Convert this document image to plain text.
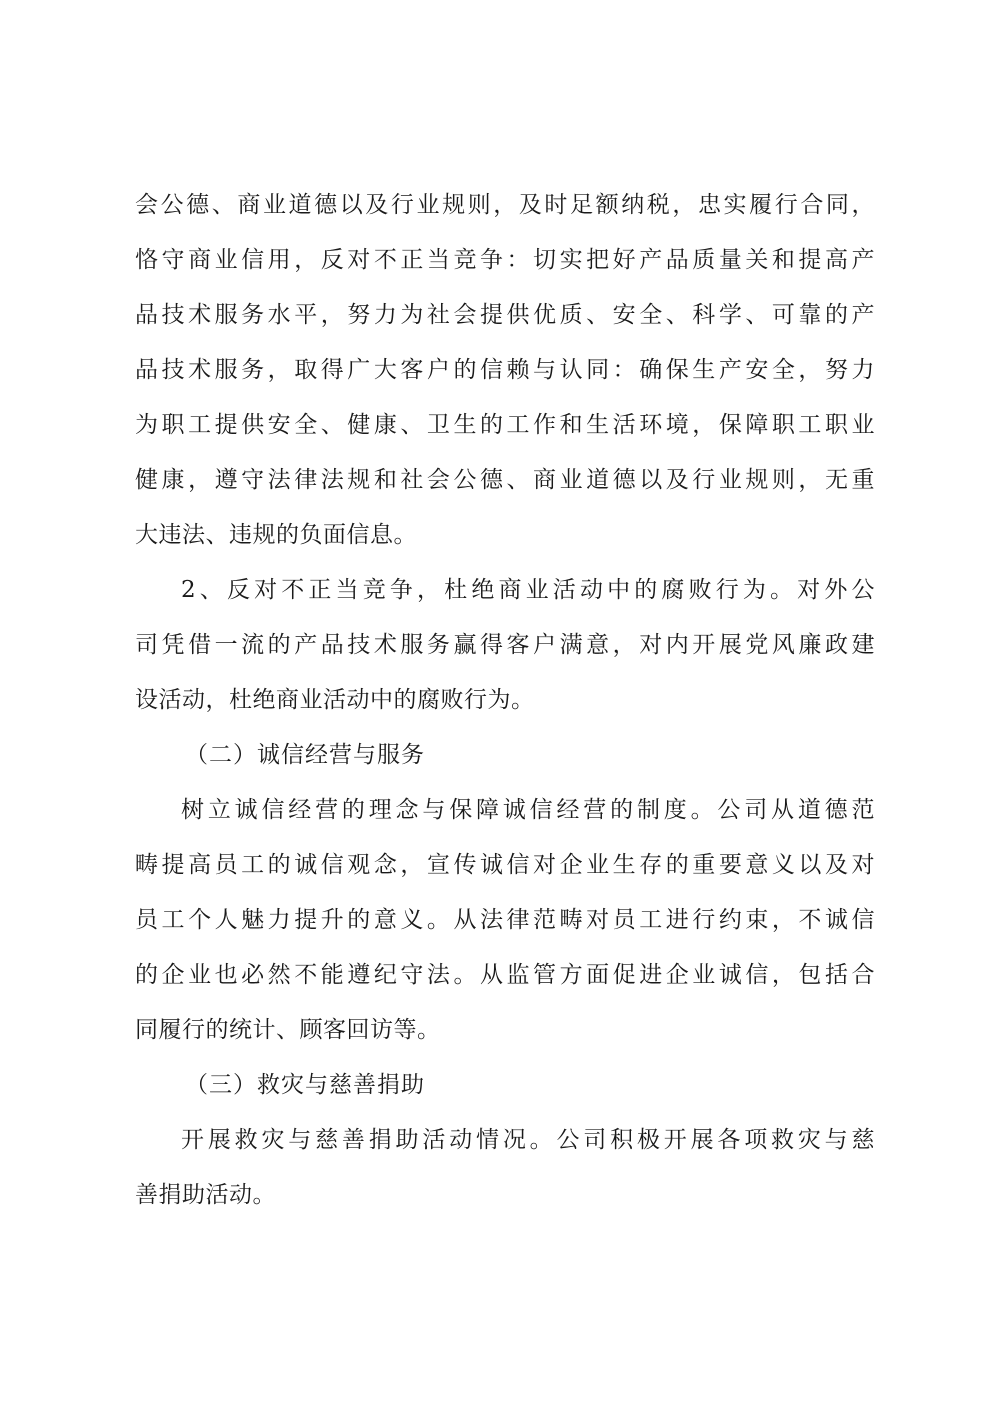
会公德、商业道德以及行业规则，及时足额纳税，忠实履行合同，
恪守商业信用，反对不正当竞争：切实把好产品质量关和提高产
品技术服务水平，努力为社会提供优质、安全、科学、可靠的产
品技术服务，取得广大客户的信赖与认同：确保生产安全，努力
为职工提供安全、健康、卫生的工作和生活环境，保障职工职业
健康，遵守法律法规和社会公德、商业道德以及行业规则，无重
大违法、违规的负面信息。
2、反对不正当竞争，杜绝商业活动中的腐败行为。对外公
司凭借一流的产品技术服务赢得客户满意，对内开展党风廉政建
设活动，杜绝商业活动中的腐败行为。
（二）诚信经营与服务
树立诚信经营的理念与保障诚信经营的制度。公司从道德范
畴提高员工的诚信观念，宣传诚信对企业生存的重要意义以及对
员工个人魅力提升的意义。从法律范畴对员工进行约束，不诚信
的企业也必然不能遵纪守法。从监管方面促进企业诚信，包括合
同履行的统计、顾客回访等。
（三）救灾与慈善捐助
开展救灾与慈善捐助活动情况。公司积极开展各项救灾与慈
善捐助活动。
